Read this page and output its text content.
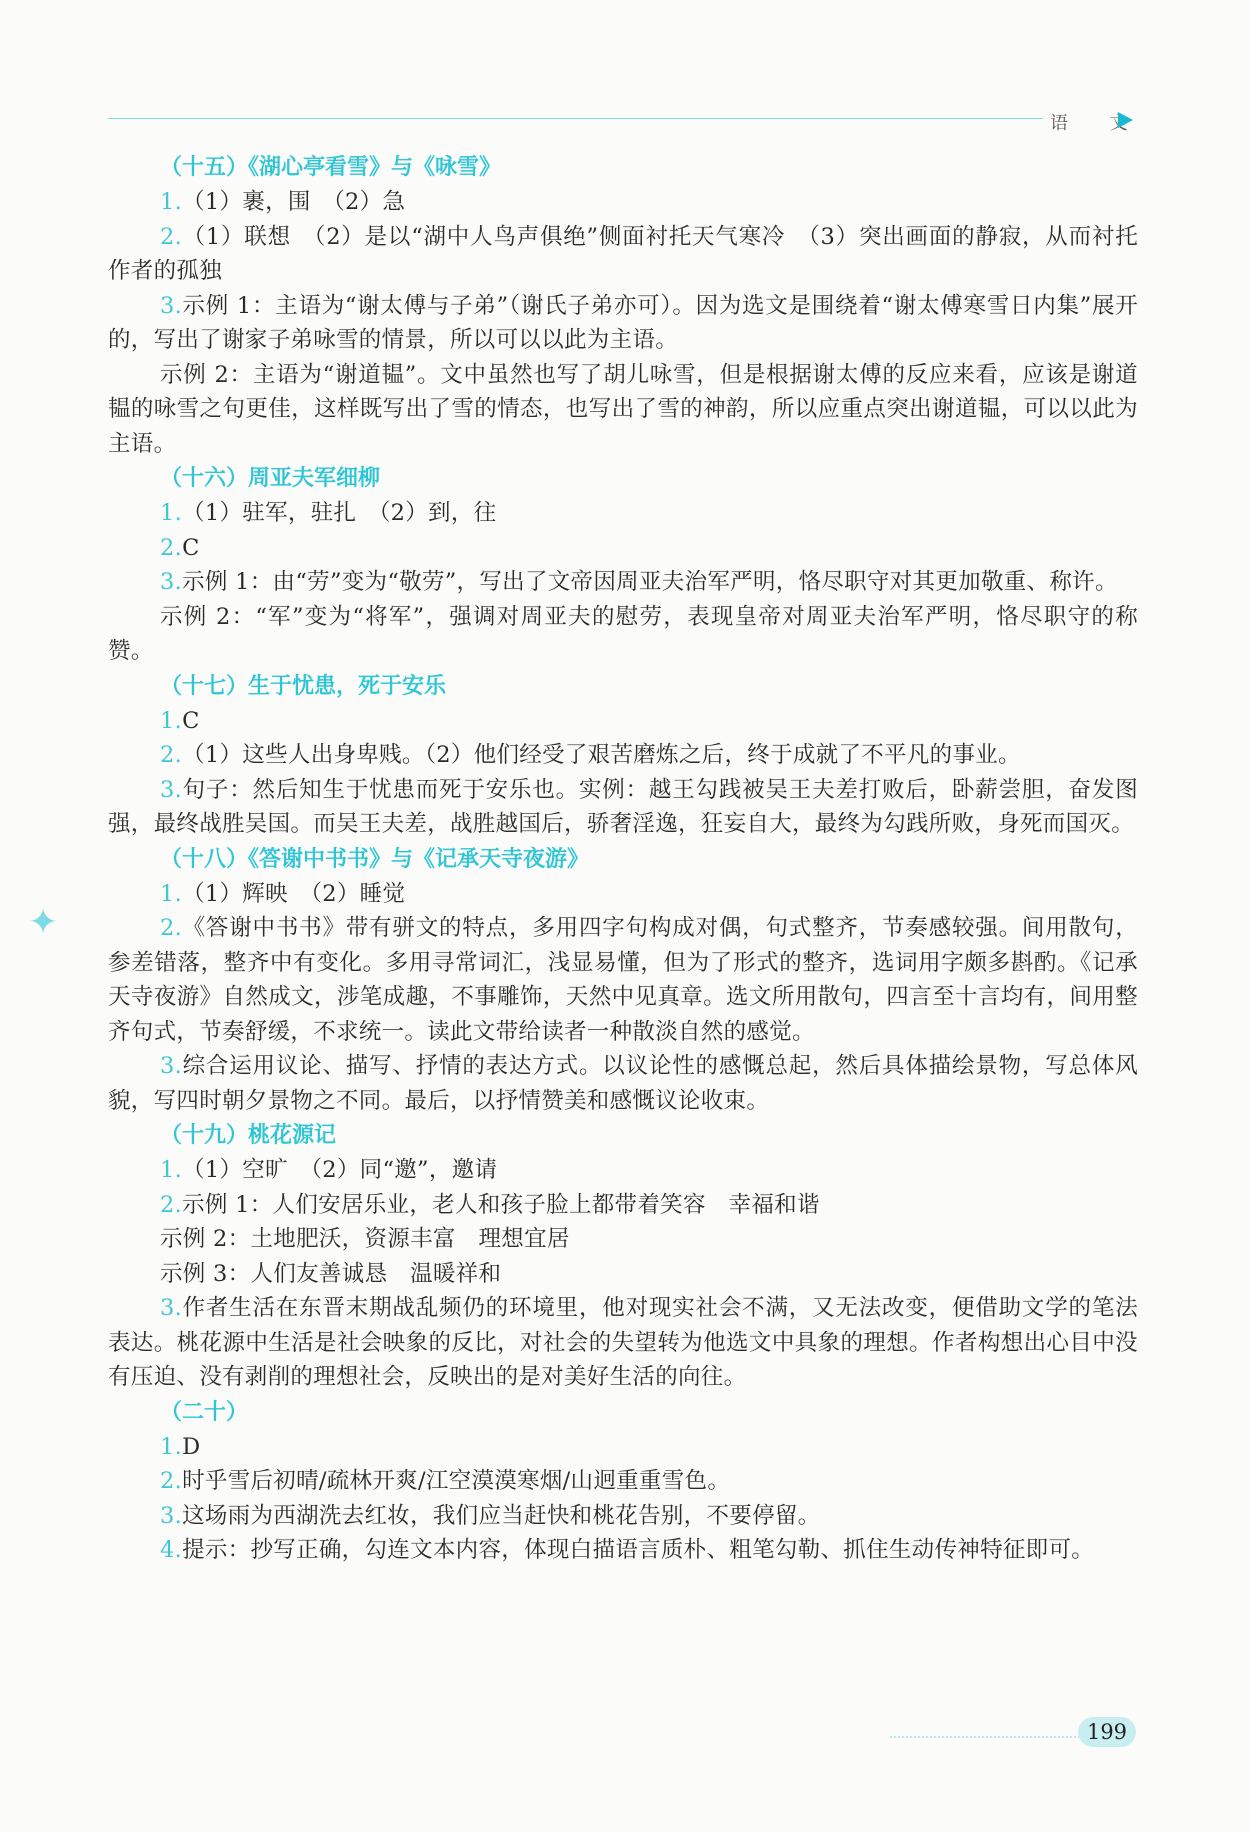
语 文
✦
（十五）《湖心亭看雪》与《咏雪》
1.（1）裹，围　（2）急
2.（1）联想　（2）是以“湖中人鸟声俱绝”侧面衬托天气寒冷　（3）突出画面的静寂，从而衬托作者的孤独
3.示例 1：主语为“谢太傅与子弟”（谢氏子弟亦可）。因为选文是围绕着“谢太傅寒雪日内集”展开的，写出了谢家子弟咏雪的情景，所以可以以此为主语。
示例 2：主语为“谢道韫”。文中虽然也写了胡儿咏雪，但是根据谢太傅的反应来看，应该是谢道韫的咏雪之句更佳，这样既写出了雪的情态，也写出了雪的神韵，所以应重点突出谢道韫，可以以此为主语。
（十六）周亚夫军细柳
1.（1）驻军，驻扎　（2）到，往
2.C
3.示例 1：由“劳”变为“敬劳”，写出了文帝因周亚夫治军严明，恪尽职守对其更加敬重、称许。
示例 2：“军”变为“将军”，强调对周亚夫的慰劳，表现皇帝对周亚夫治军严明，恪尽职守的称赞。
（十七）生于忧患，死于安乐
1.C
2.（1）这些人出身卑贱。（2）他们经受了艰苦磨炼之后，终于成就了不平凡的事业。
3.句子：然后知生于忧患而死于安乐也。实例：越王勾践被吴王夫差打败后，卧薪尝胆，奋发图强，最终战胜吴国。而吴王夫差，战胜越国后，骄奢淫逸，狂妄自大，最终为勾践所败，身死而国灭。
（十八）《答谢中书书》与《记承天寺夜游》
1.（1）辉映　（2）睡觉
2.《答谢中书书》带有骈文的特点，多用四字句构成对偶，句式整齐，节奏感较强。间用散句，参差错落，整齐中有变化。多用寻常词汇，浅显易懂，但为了形式的整齐，选词用字颇多斟酌。《记承天寺夜游》自然成文，涉笔成趣，不事雕饰，天然中见真章。选文所用散句，四言至十言均有，间用整齐句式，节奏舒缓，不求统一。读此文带给读者一种散淡自然的感觉。
3.综合运用议论、描写、抒情的表达方式。以议论性的感慨总起，然后具体描绘景物，写总体风貌，写四时朝夕景物之不同。最后，以抒情赞美和感慨议论收束。
（十九）桃花源记
1.（1）空旷　（2）同“邀”，邀请
2.示例 1：人们安居乐业，老人和孩子脸上都带着笑容　幸福和谐
示例 2：土地肥沃，资源丰富　理想宜居
示例 3：人们友善诚恳　温暖祥和
3.作者生活在东晋末期战乱频仍的环境里，他对现实社会不满，又无法改变，便借助文学的笔法表达。桃花源中生活是社会映象的反比，对社会的失望转为他选文中具象的理想。作者构想出心目中没有压迫、没有剥削的理想社会，反映出的是对美好生活的向往。
（二十）
1.D
2.时乎雪后初晴/疏林开爽/江空漠漠寒烟/山迥重重雪色。
3.这场雨为西湖洗去红妆，我们应当赶快和桃花告别，不要停留。
4.提示：抄写正确，勾连文本内容，体现白描语言质朴、粗笔勾勒、抓住生动传神特征即可。
199
